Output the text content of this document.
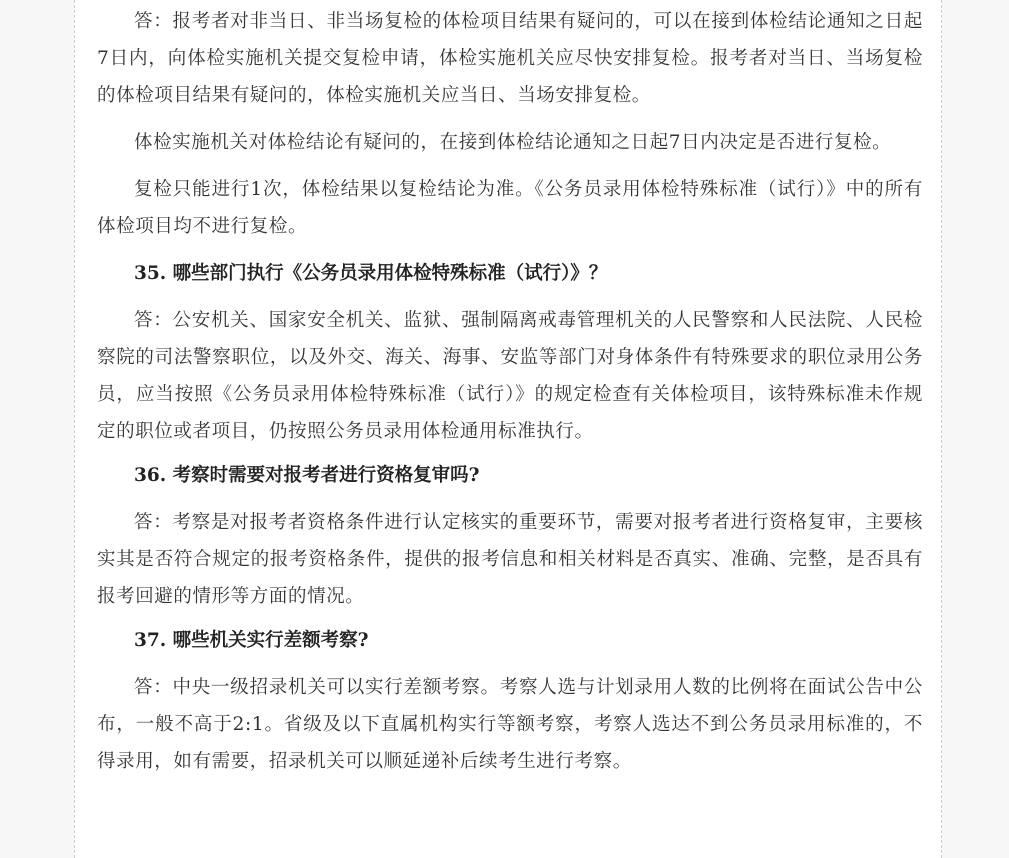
答：报考者对非当日、非当场复检的体检项目结果有疑问的，可以在接到体检结论通知之日起7日内，向体检实施机关提交复检申请，体检实施机关应尽快安排复检。报考者对当日、当场复检的体检项目结果有疑问的，体检实施机关应当日、当场安排复检。

体检实施机关对体检结论有疑问的，在接到体检结论通知之日起7日内决定是否进行复检。

复检只能进行1次，体检结果以复检结论为准。《公务员录用体检特殊标准（试行）》中的所有体检项目均不进行复检。

35. 哪些部门执行《公务员录用体检特殊标准（试行）》？

答：公安机关、国家安全机关、监狱、强制隔离戒毒管理机关的人民警察和人民法院、人民检察院的司法警察职位，以及外交、海关、海事、安监等部门对身体条件有特殊要求的职位录用公务员，应当按照《公务员录用体检特殊标准（试行）》的规定检查有关体检项目，该特殊标准未作规定的职位或者项目，仍按照公务员录用体检通用标准执行。

36. 考察时需要对报考者进行资格复审吗?

答：考察是对报考者资格条件进行认定核实的重要环节，需要对报考者进行资格复审，主要核实其是否符合规定的报考资格条件，提供的报考信息和相关材料是否真实、准确、完整，是否具有报考回避的情形等方面的情况。

37. 哪些机关实行差额考察?

答：中央一级招录机关可以实行差额考察。考察人选与计划录用人数的比例将在面试公告中公布，一般不高于2:1。省级及以下直属机构实行等额考察，考察人选达不到公务员录用标准的，不得录用，如有需要，招录机关可以顺延递补后续考生进行考察。
